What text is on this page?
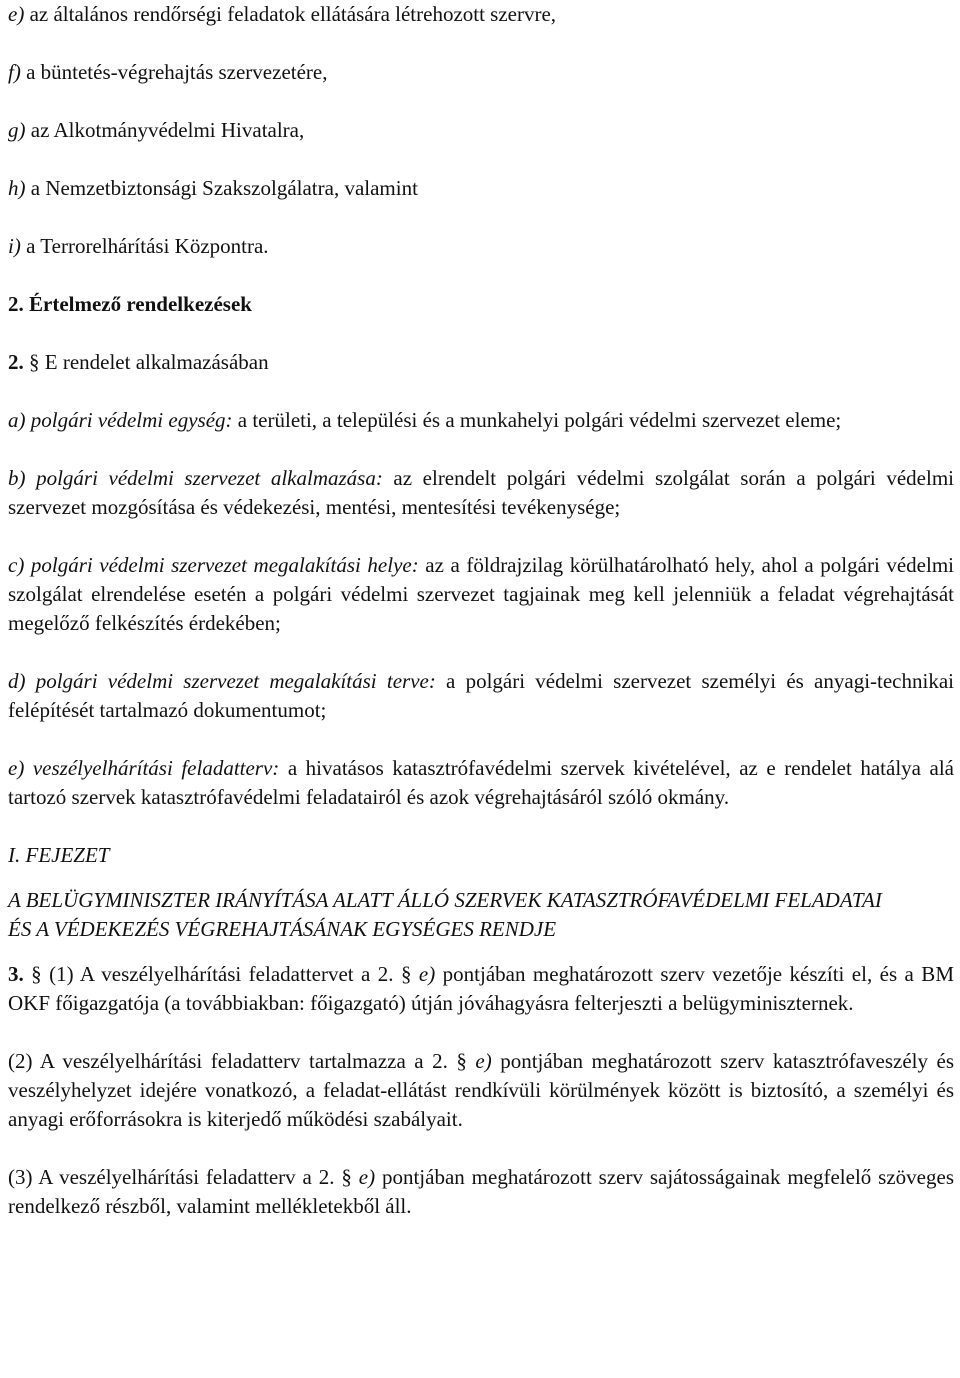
e) az általános rendőrségi feladatok ellátására létrehozott szervre,

f) a büntetés-végrehajtás szervezetére,

g) az Alkotmányvédelmi Hivatalra,

h) a Nemzetbiztonsági Szakszolgálatra, valamint

i) a Terrorelhárítási Központra.

2. Értelmező rendelkezések

2. § E rendelet alkalmazásában

a) polgári védelmi egység: a területi, a települési és a munkahelyi polgári védelmi szervezet eleme;

b) polgári védelmi szervezet alkalmazása: az elrendelt polgári védelmi szolgálat során a polgári védelmi szervezet mozgósítása és védekezési, mentési, mentesítési tevékenysége;

c) polgári védelmi szervezet megalakítási helye: az a földrajzilag körülhatárolható hely, ahol a polgári védelmi szolgálat elrendelése esetén a polgári védelmi szervezet tagjainak meg kell jelenniük a feladat végrehajtását megelőző felkészítés érdekében;

d) polgári védelmi szervezet megalakítási terve: a polgári védelmi szervezet személyi és anyagi-technikai felépítését tartalmazó dokumentumot;

e) veszélyelhárítási feladatterv: a hivatásos katasztrófavédelmi szervek kivételével, az e rendelet hatálya alá tartozó szervek katasztrófavédelmi feladatairól és azok végrehajtásáról szóló okmány.

I. FEJEZET

A BELÜGYMINISZTER IRÁNYÍTÁSA ALATT ÁLLÓ SZERVEK KATASZTRÓFAVÉDELMI FELADATAI
ÉS A VÉDEKEZÉS VÉGREHAJTÁSÁNAK EGYSÉGES RENDJE

3. § (1) A veszélyelhárítási feladattervet a 2. § e) pontjában meghatározott szerv vezetője készíti el, és a BM OKF főigazgatója (a továbbiakban: főigazgató) útján jóváhagyásra felterjeszti a belügyminiszternek.

(2) A veszélyelhárítási feladatterv tartalmazza a 2. § e) pontjában meghatározott szerv katasztrófaveszély és veszélyhelyzet idejére vonatkozó, a feladat-ellátást rendkívüli körülmények között is biztosító, a személyi és anyagi erőforrásokra is kiterjedő működési szabályait.

(3) A veszélyelhárítási feladatterv a 2. § e) pontjában meghatározott szerv sajátosságainak megfelelő szöveges rendelkező részből, valamint mellékletekből áll.
